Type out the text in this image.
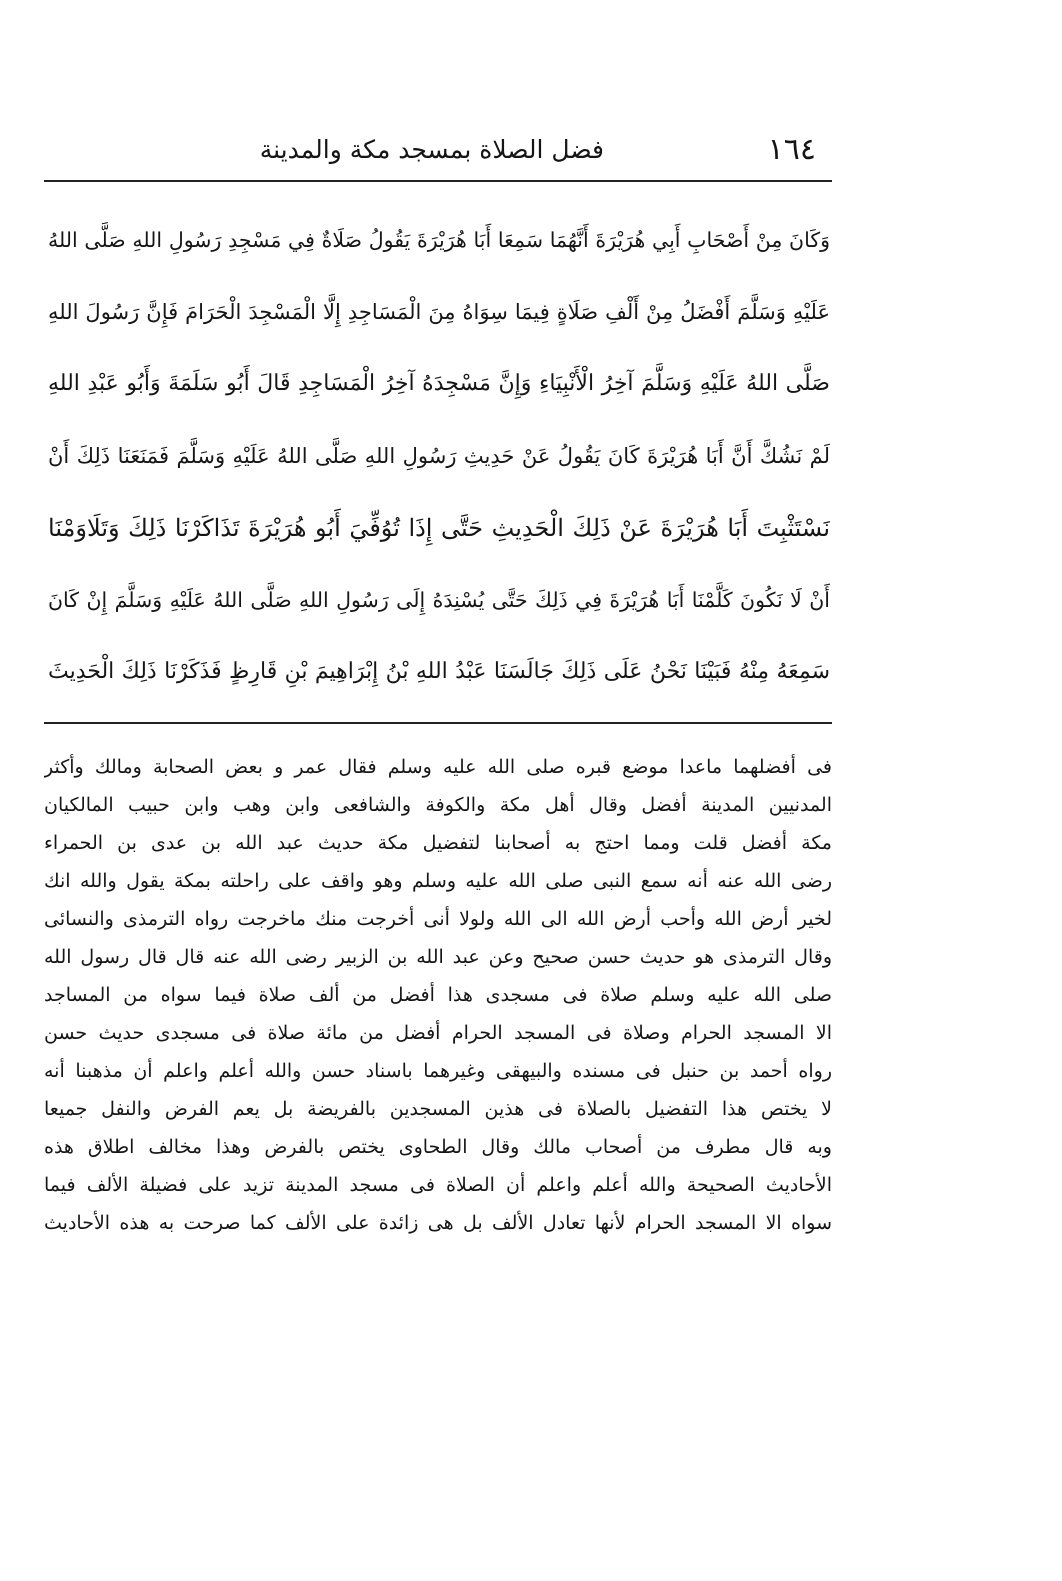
١٦٤
فضل الصلاة بمسجد مكة والمدينة
وَكَانَ مِنْ أَصْحَابِ أَبِي هُرَيْرَةَ أَنَّهُمَا سَمِعَا أَبَا هُرَيْرَةَ يَقُولُ صَلَاةٌ فِي مَسْجِدِ رَسُولِ اللهِ صَلَّى اللهُ
عَلَيْهِ وَسَلَّمَ أَفْضَلُ مِنْ أَلْفِ صَلَاةٍ فِيمَا سِوَاهُ مِنَ الْمَسَاجِدِ إِلَّا الْمَسْجِدَ الْحَرَامَ فَإِنَّ رَسُولَ اللهِ
صَلَّى اللهُ عَلَيْهِ وَسَلَّمَ آخِرُ الْأَنْبِيَاءِ وَإِنَّ مَسْجِدَهُ آخِرُ الْمَسَاجِدِ قَالَ أَبُو سَلَمَةَ وَأَبُو عَبْدِ اللهِ
لَمْ نَشُكَّ أَنَّ أَبَا هُرَيْرَةَ كَانَ يَقُولُ عَنْ حَدِيثِ رَسُولِ اللهِ صَلَّى اللهُ عَلَيْهِ وَسَلَّمَ فَمَنَعَنَا ذَلِكَ أَنْ
نَسْتَثْبِتَ أَبَا هُرَيْرَةَ عَنْ ذَلِكَ الْحَدِيثِ حَتَّى إِذَا تُوُفِّيَ أَبُو هُرَيْرَةَ تَذَاكَرْنَا ذَلِكَ وَتَلَاوَمْنَا
أَنْ لَا نَكُونَ كَلَّمْنَا أَبَا هُرَيْرَةَ فِي ذَلِكَ حَتَّى يُسْنِدَهُ إِلَى رَسُولِ اللهِ صَلَّى اللهُ عَلَيْهِ وَسَلَّمَ إِنْ كَانَ
سَمِعَهُ مِنْهُ فَبَيْنَا نَحْنُ عَلَى ذَلِكَ جَالَسَنَا عَبْدُ اللهِ بْنُ إِبْرَاهِيمَ بْنِ قَارِظٍ فَذَكَرْنَا ذَلِكَ الْحَدِيثَ
فى أفضلهما ماعدا موضع قبره صلى الله عليه وسلم فقال عمر و بعض الصحابة ومالك وأكثر
المدنيين المدينة أفضل وقال أهل مكة والكوفة والشافعى وابن وهب وابن حبيب المالكيان
مكة أفضل قلت ومما احتج به أصحابنا لتفضيل مكة حديث عبد الله بن عدى بن الحمراء
رضى الله عنه أنه سمع النبى صلى الله عليه وسلم وهو واقف على راحلته بمكة يقول والله انك
لخير أرض الله وأحب أرض الله الى الله ولولا أنى أخرجت منك ماخرجت رواه الترمذى والنسائى
وقال الترمذى هو حديث حسن صحيح وعن عبد الله بن الزبير رضى الله عنه قال قال رسول الله
صلى الله عليه وسلم صلاة فى مسجدى هذا أفضل من ألف صلاة فيما سواه من المساجد
الا المسجد الحرام وصلاة فى المسجد الحرام أفضل من مائة صلاة فى مسجدى حديث حسن
رواه أحمد بن حنبل فى مسنده والبيهقى وغيرهما باسناد حسن والله أعلم واعلم أن مذهبنا أنه
لا يختص هذا التفضيل بالصلاة فى هذين المسجدين بالفريضة بل يعم الفرض والنفل جميعا
وبه قال مطرف من أصحاب مالك وقال الطحاوى يختص بالفرض وهذا مخالف اطلاق هذه
الأحاديث الصحيحة والله أعلم واعلم أن الصلاة فى مسجد المدينة تزيد على فضيلة الألف فيما
سواه الا المسجد الحرام لأنها تعادل الألف بل هى زائدة على الألف كما صرحت به هذه الأحاديث
